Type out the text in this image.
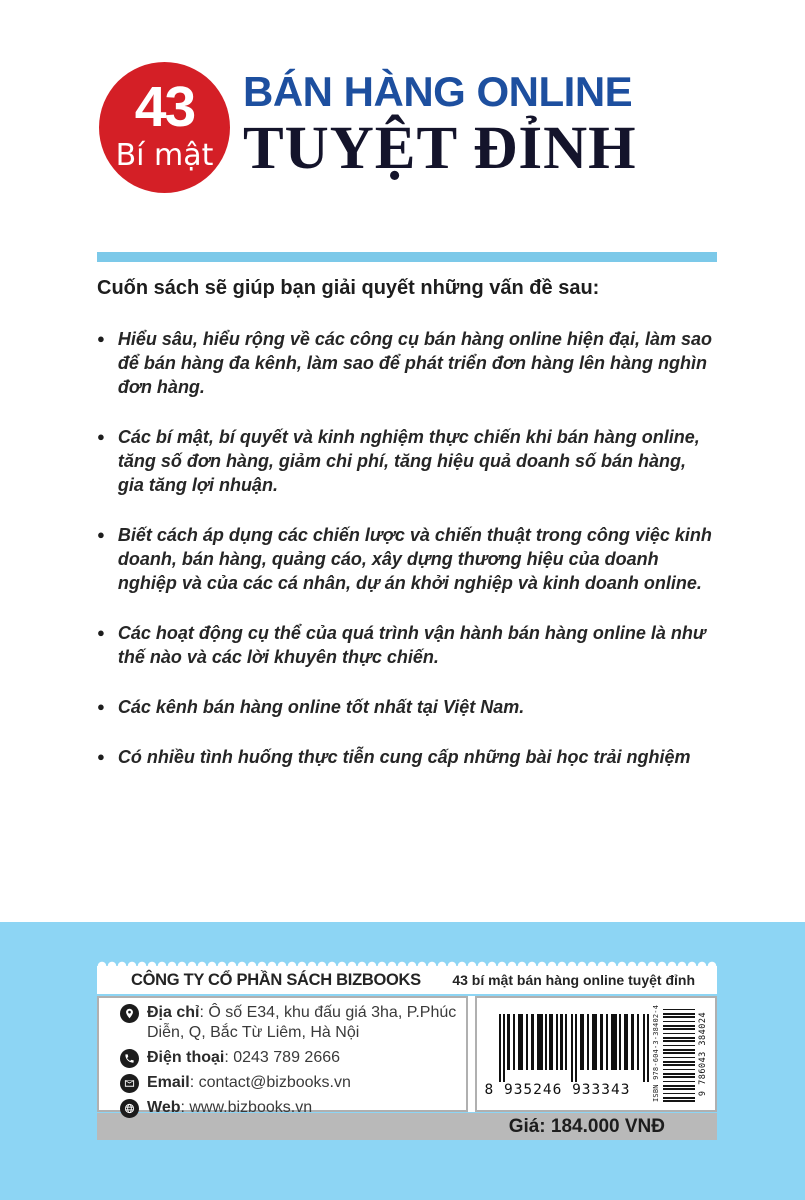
43
Bí mật
BÁN HÀNG ONLINE
TUYỆT ĐỈNH
Cuốn sách sẽ giúp bạn giải quyết những vấn đề sau:
● Hiểu sâu, hiểu rộng về các công cụ bán hàng online hiện đại, làm sao để bán hàng đa kênh, làm sao để phát triển đơn hàng lên hàng nghìn đơn hàng.
● Các bí mật, bí quyết và kinh nghiệm thực chiến khi bán hàng online, tăng số đơn hàng, giảm chi phí, tăng hiệu quả doanh số bán hàng, gia tăng lợi nhuận.
● Biết cách áp dụng các chiến lược và chiến thuật trong công việc kinh doanh, bán hàng, quảng cáo, xây dựng thương hiệu của doanh nghiệp và của các cá nhân, dự án khởi nghiệp và kinh doanh online.
● Các hoạt động cụ thể của quá trình vận hành bán hàng online là như thế nào và các lời khuyên thực chiến.
● Các kênh bán hàng online tốt nhất tại Việt Nam.
● Có nhiều tình huống thực tiễn cung cấp những bài học trải nghiệm
CÔNG TY CỔ PHẦN SÁCH BIZBOOKS 43 bí mật bán hàng online tuyệt đỉnh
Địa chỉ: Ô số E34, khu đấu giá 3ha, P.Phúc Diễn, Q, Bắc Từ Liêm, Hà Nội
Điện thoại: 0243 789 2666
Email: contact@bizbooks.vn
Web: www.bizbooks.vn
8 935246 933343	ISBN 978-604-3-38402-4	9 786043 384024
Giá: 184.000 VNĐ
